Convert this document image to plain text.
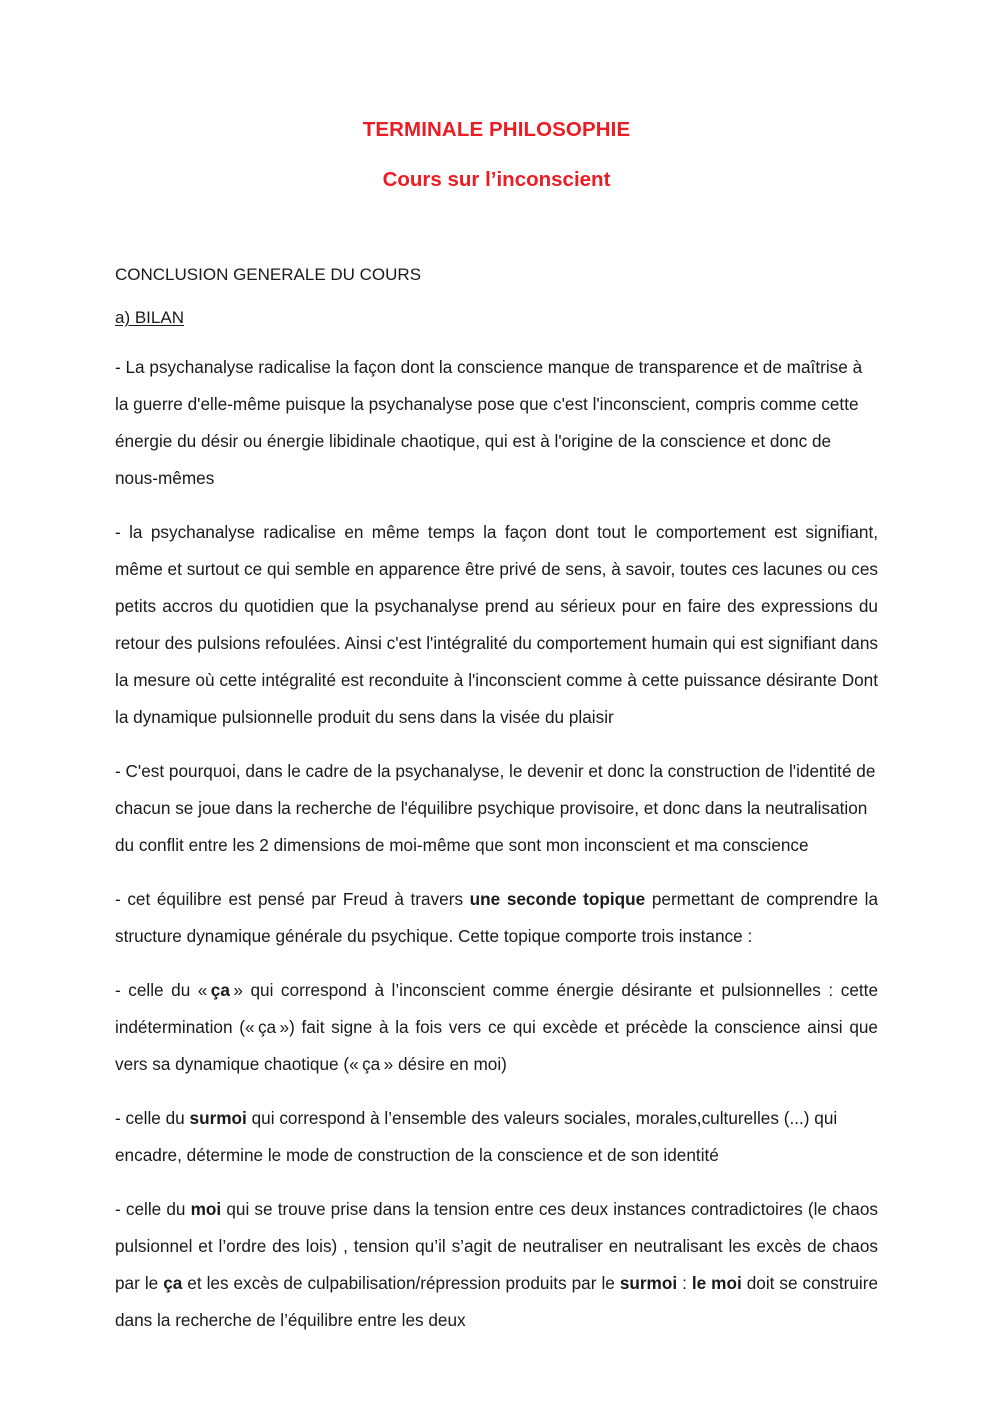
TERMINALE PHILOSOPHIE
Cours sur l’inconscient
CONCLUSION GENERALE DU COURS
a) BILAN

- La psychanalyse radicalise la façon dont la conscience manque de transparence et de maîtrise à la guerre d'elle-même puisque la psychanalyse pose que c'est l'inconscient, compris comme cette énergie du désir ou énergie libidinale chaotique, qui est à l'origine de la conscience et donc de nous-mêmes

- la psychanalyse radicalise en même temps la façon dont tout le comportement est signifiant, même et surtout ce qui semble en apparence être privé de sens, à savoir, toutes ces lacunes ou ces petits accros du quotidien que la psychanalyse prend au sérieux pour en faire des expressions du retour des pulsions refoulées. Ainsi c'est l'intégralité du comportement humain qui est signifiant dans la mesure où cette intégralité est reconduite à l'inconscient comme à cette puissance désirante Dont la dynamique pulsionnelle produit du sens dans la visée du plaisir

- C'est pourquoi, dans le cadre de la psychanalyse, le devenir et donc la construction de l'identité de chacun se joue dans la recherche de l'équilibre psychique provisoire, et donc dans la neutralisation du conflit entre les 2 dimensions de moi-même que sont mon inconscient et ma conscience

- cet équilibre est pensé par Freud à travers une seconde topique permettant de comprendre la structure dynamique générale du psychique. Cette topique comporte trois instance :

- celle du « ça » qui correspond à l’inconscient comme énergie désirante et pulsionnelles : cette indétermination (« ça ») fait signe à la fois vers ce qui excède et précède la conscience ainsi que vers sa dynamique chaotique (« ça » désire en moi)

- celle du surmoi qui correspond à l’ensemble des valeurs sociales, morales,culturelles (...) qui encadre, détermine le mode de construction de la conscience et de son identité

- celle du moi qui se trouve prise dans la tension entre ces deux instances contradictoires (le chaos pulsionnel et l’ordre des lois) , tension qu’il s’agit de neutraliser en neutralisant les excès de chaos par le ça et les excès de culpabilisation/répression produits par le surmoi : le moi doit se construire dans la recherche de l’équilibre entre les deux
